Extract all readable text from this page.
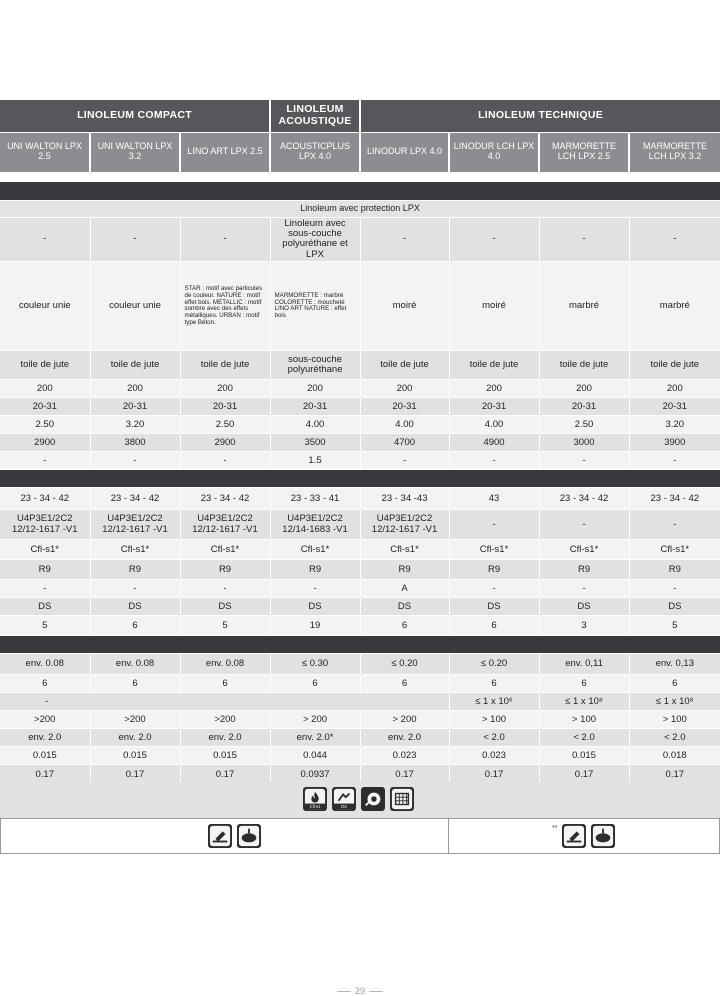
LINOLEUM COMPACT			LINOLEUM ACOUSTIQUE	LINOLEUM TECHNIQUE			
UNI WALTON LPX 2.5	UNI WALTON LPX 3.2	LINO ART LPX 2.5	ACOUSTICPLUS LPX 4.0	LINODUR LPX 4.0	LINODUR LCH LPX 4.0	MARMORETTE LCH LPX 2.5	MARMORETTE LCH LPX 3.2

Linoleum avec protection LPX							
-	-	-	Linoleum avec sous-couche polyuréthane et LPX	-	-	-	-
couleur unie	couleur unie	STAR : motif avec particules de couleur. NATURE : motif effet bois. METALLIC : motif sombre avec des effets métalliques. URBAN : motif type Béton.	MARMORETTE : marbré COLORETTE : moucheté LINO ART NATURE : effet bois	moiré	moiré	marbré	marbré
toile de jute	toile de jute	toile de jute	sous-couche polyuréthane	toile de jute	toile de jute	toile de jute	toile de jute
200	200	200	200	200	200	200	200
20-31	20-31	20-31	20-31	20-31	20-31	20-31	20-31
2.50	3.20	2.50	4.00	4.00	4.00	2.50	3.20
2900	3800	2900	3500	4700	4900	3000	3900
-	-	-	1.5	-	-	-	-

23 - 34 - 42	23 - 34 - 42	23 - 34 - 42	23 - 33 - 41	23 - 34 -43	43	23 - 34 - 42	23 - 34 - 42
U4P3E1/2C2 12/12-1617 -V1	U4P3E1/2C2 12/12-1617 -V1	U4P3E1/2C2 12/12-1617 -V1	U4P3E1/2C2 12/14-1683 -V1	U4P3E1/2C2 12/12-1617 -V1	-	-	-
Cfl-s1*	Cfl-s1*	Cfl-s1*	Cfl-s1*	Cfl-s1*	Cfl-s1*	Cfl-s1*	Cfl-s1*
R9	R9	R9	R9	R9	R9	R9	R9
-	-	-	-	A	-	-	-
DS	DS	DS	DS	DS	DS	DS	DS
5	6	5	19	6	6	3	5

env. 0.08	env. 0.08	env. 0.08	≤ 0.30	≤ 0.20	≤ 0.20	env. 0,11	env. 0,13
6	6	6	6	6	6	6	6
-					≤ 1 x 10⁶	≤ 1 x 10⁸	≤ 1 x 10⁸
>200	>200	>200	> 200	> 200	> 100	> 100	> 100
env. 2.0	env. 2.0	env. 2.0	env. 2.0*	env. 2.0	< 2.0	< 2.0	< 2.0
0.015	0.015	0.015	0.044	0.023	0.023	0.015	0.018
0.17	0.17	0.17	0.0937	0.17	0.17	0.17	0.17

Cfl-s1	DS
**
29
